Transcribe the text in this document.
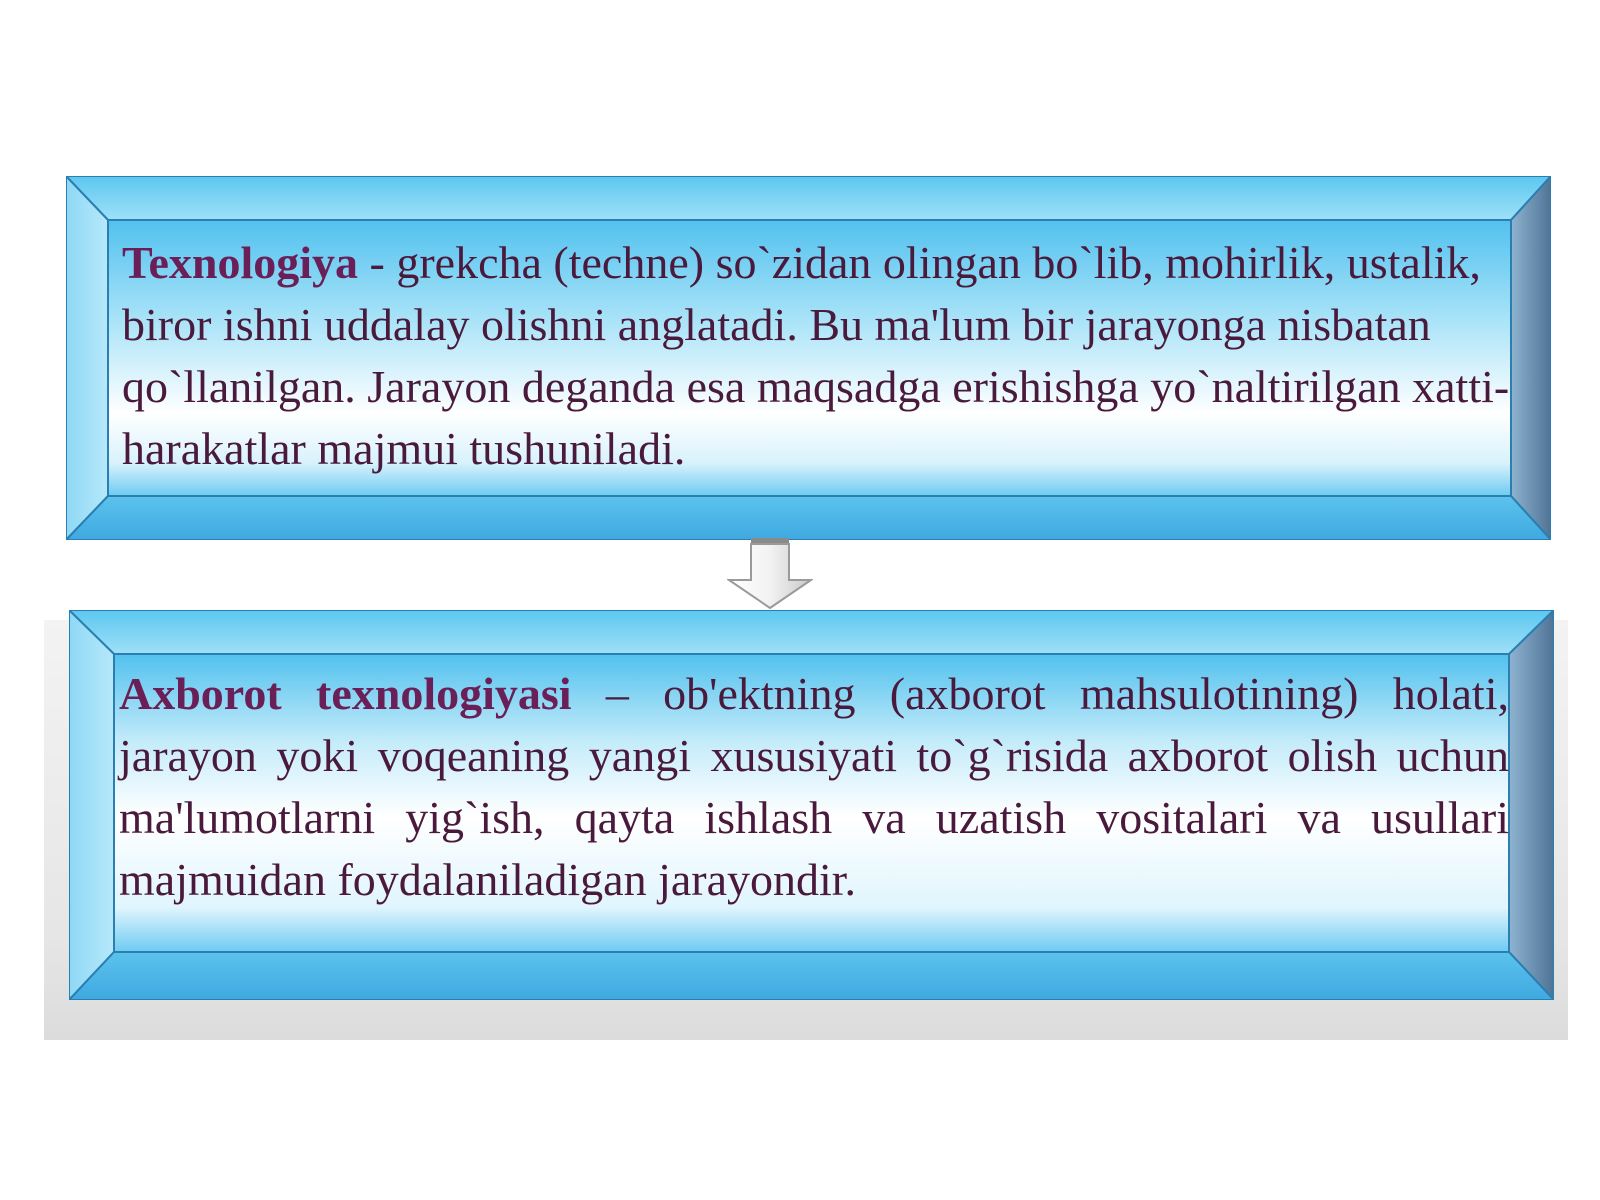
Texnologiya - grekcha (techne) so`zidan olingan bo`lib, mohirlik, ustalik, biror ishni uddalay olishni anglatadi. Bu ma'lum bir jarayonga nisbatan qo`llanilgan. Jarayon deganda esa maqsadga erishishga yo`naltirilgan xatti-harakatlar majmui tushuniladi.
Axborot texnologiyasi – ob'ektning (axborot mahsulotining) holati, jarayon yoki voqeaning yangi xususiyati to`g`risida axborot olish uchun ma'lumotlarni yig`ish, qayta ishlash va uzatish vositalari va usullari majmuidan foydalaniladigan jarayondir.
